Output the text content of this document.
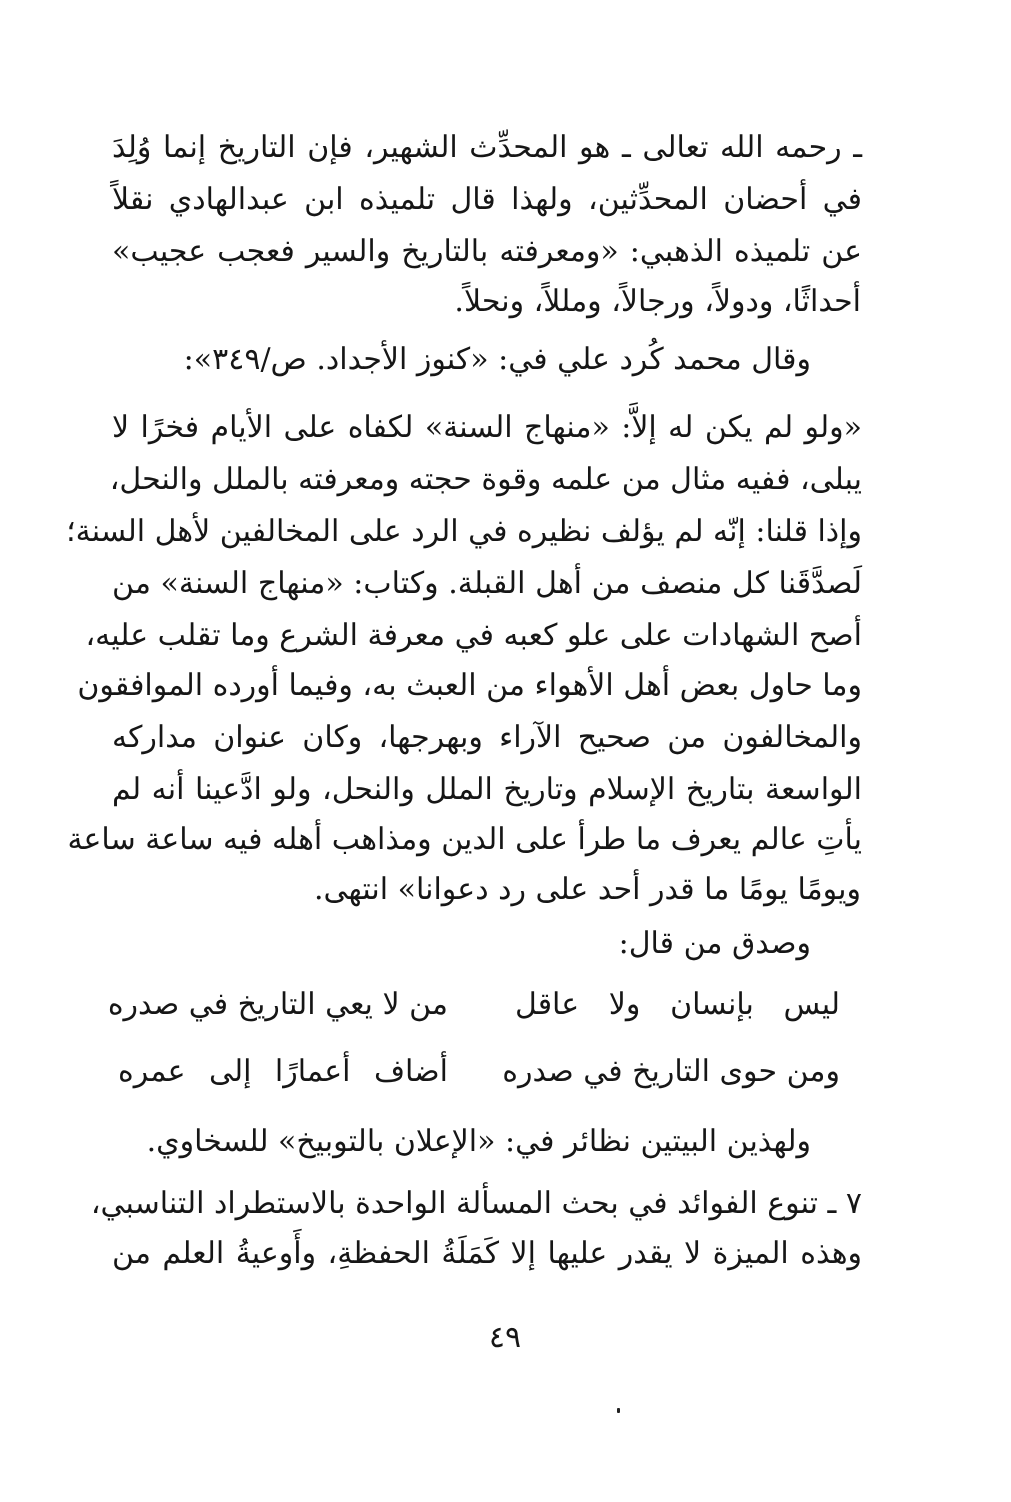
ـ رحمه الله تعالى ـ هو المحدِّث الشهير، فإن التاريخ إنما وُلِدَ
في أحضان المحدِّثين، ولهذا قال تلميذه ابن عبدالهادي نقلاً
عن تلميذه الذهبي: «ومعرفته بالتاريخ والسير فعجب عجيب»
أحداثًا، ودولاً، ورجالاً، ومللاً، ونحلاً.
وقال محمد كُرد علي في: «كنوز الأجداد. ص/٣٤٩»:
«ولو لم يكن له إلاَّ: «منهاج السنة» لكفاه على الأيام فخرًا لا
يبلى، ففيه مثال من علمه وقوة حجته ومعرفته بالملل والنحل،
وإذا قلنا: إنّه لم يؤلف نظيره في الرد على المخالفين لأهل السنة؛
لَصدَّقَنا كل منصف من أهل القبلة. وكتاب: «منهاج السنة» من
أصح الشهادات على علو كعبه في معرفة الشرع وما تقلب عليه،
وما حاول بعض أهل الأهواء من العبث به، وفيما أورده الموافقون
والمخالفون من صحيح الآراء وبهرجها، وكان عنوان مداركه
الواسعة بتاريخ الإسلام وتاريخ الملل والنحل، ولو ادَّعينا أنه لم
يأتِ عالم يعرف ما طرأ على الدين ومذاهب أهله فيه ساعة ساعة
ويومًا يومًا ما قدر أحد على رد دعوانا» انتهى.
وصدق من قال:
ليس بإنسان ولا عاقل
من لا يعي التاريخ في صدره
ومن حوى التاريخ في صدره
أضاف أعمارًا إلى عمره
ولهذين البيتين نظائر في: «الإعلان بالتوبيخ» للسخاوي.
٧ ـ تنوع الفوائد في بحث المسألة الواحدة بالاستطراد التناسبي،
وهذه الميزة لا يقدر عليها إلا كَمَلَةُ الحفظةِ، وأَوعيةُ العلم من
٤٩
